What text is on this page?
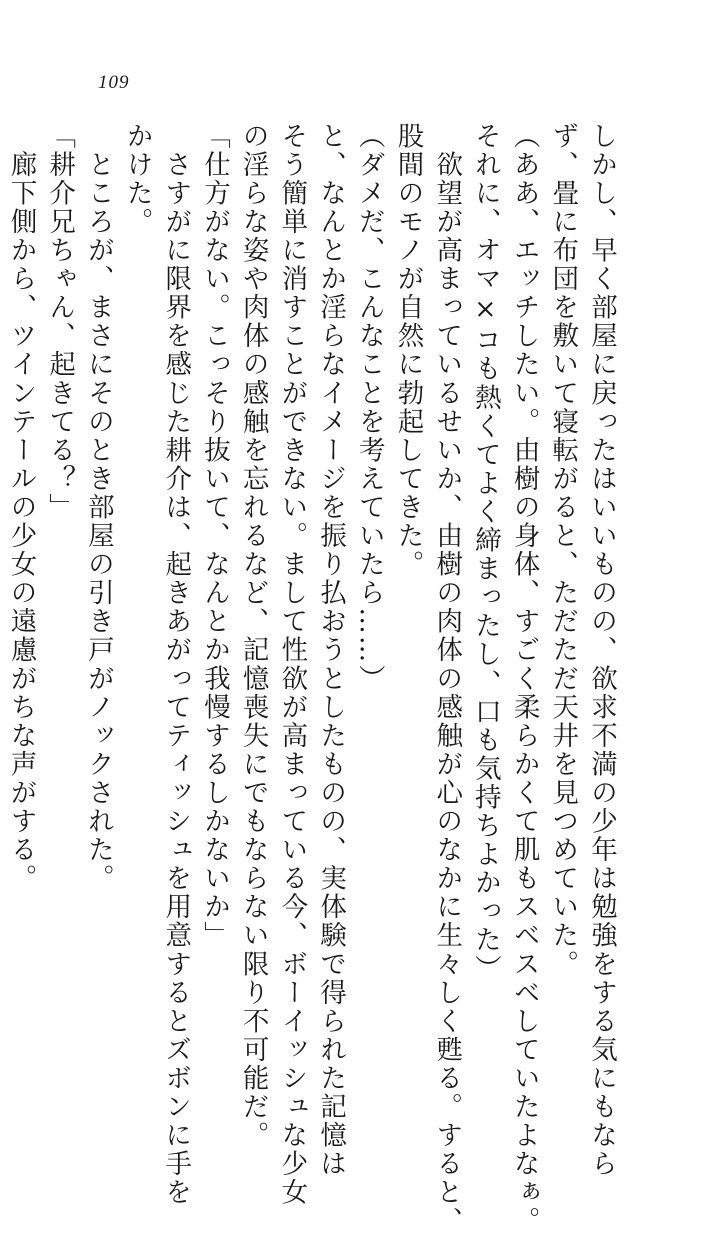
109
しかし、早く部屋に戻ったはいいものの、欲求不満の少年は勉強をする気にもなら
ず、畳に布団を敷いて寝転がると、ただただ天井を見つめていた。
（ああ、エッチしたい。由樹の身体、すごく柔らかくて肌もスベスベしていたよなぁ。
それに、オマ×コも熱くてよく締まったし、口も気持ちよかった）
　欲望が高まっているせいか、由樹の肉体の感触が心のなかに生々しく甦る。すると、
股間のモノが自然に勃起してきた。
（ダメだ、こんなことを考えていたら……）
と、なんとか淫らなイメージを振り払おうとしたものの、実体験で得られた記憶は
そう簡単に消すことができない。まして性欲が高まっている今、ボーイッシュな少女
の淫らな姿や肉体の感触を忘れるなど、記憶喪失にでもならない限り不可能だ。
「仕方がない。こっそり抜いて、なんとか我慢するしかないか」
　さすがに限界を感じた耕介は、起きあがってティッシュを用意するとズボンに手を
かけた。
　ところが、まさにそのとき部屋の引き戸がノックされた。
「耕介兄ちゃん、起きてる？」
　廊下側から、ツインテールの少女の遠慮がちな声がする。
